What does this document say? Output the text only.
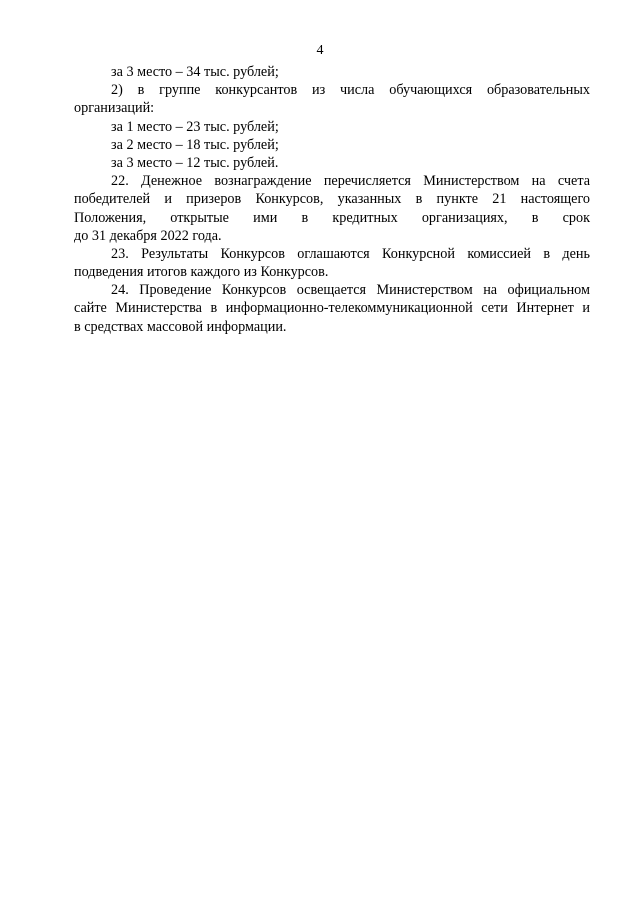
4
за 3 место – 34 тыс. рублей;
2) в группе конкурсантов из числа обучающихся образовательных
организаций:
за 1 место – 23 тыс. рублей;
за 2 место – 18 тыс. рублей;
за 3 место – 12 тыс. рублей.
22. Денежное вознаграждение перечисляется Министерством на счета
победителей и призеров Конкурсов, указанных в пункте 21 настоящего
Положения, открытые ими в кредитных организациях, в срок
до 31 декабря 2022 года.
23. Результаты Конкурсов оглашаются Конкурсной комиссией в день
подведения итогов каждого из Конкурсов.
24. Проведение Конкурсов освещается Министерством на официальном
сайте Министерства в информационно-телекоммуникационной сети Интернет и
в средствах массовой информации.
